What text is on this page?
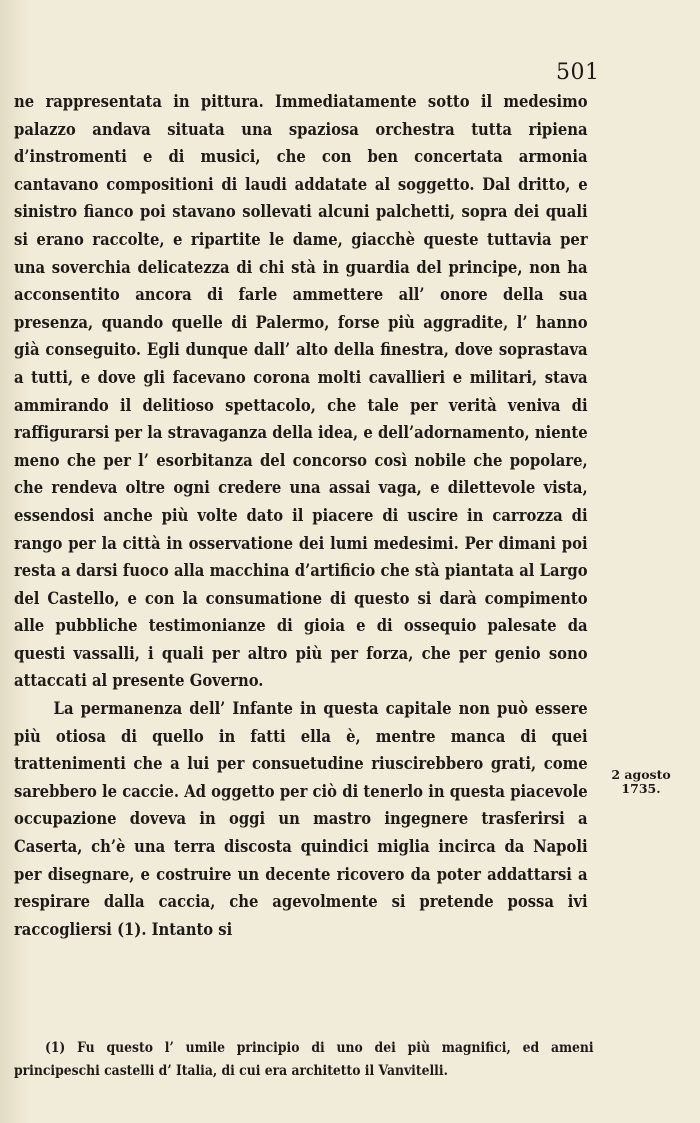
501

ne rappresentata in pittura. Immediatamente sotto il medesimo palazzo andava situata una spaziosa orchestra tutta ripiena d’instromenti e di musici, che con ben concertata armonia cantavano compositioni di laudi addatate al soggetto. Dal dritto, e sinistro fianco poi stavano sollevati alcuni palchetti, sopra dei quali si erano raccolte, e ripartite le dame, giacchè queste tuttavia per una soverchia delicatezza di chi stà in guardia del principe, non ha acconsentito ancora di farle ammettere all’ onore della sua presenza, quando quelle di Palermo, forse più aggradite, l’ hanno già conseguito. Egli dunque dall’ alto della finestra, dove soprastava a tutti, e dove gli facevano corona molti cavallieri e militari, stava ammirando il delitioso spettacolo, che tale per verità veniva di raffigurarsi per la stravaganza della idea, e dell’adornamento, niente meno che per l’ esorbitanza del concorso così nobile che popolare, che rendeva oltre ogni credere una assai vaga, e dilettevole vista, essendosi anche più volte dato il piacere di uscire in carrozza di rango per la città in osservatione dei lumi medesimi. Per dimani poi resta a darsi fuoco alla macchina d’artificio che stà piantata al Largo del Castello, e con la consumatione di questo si darà compimento alle pubbliche testimonianze di gioia e di ossequio palesate da questi vassalli, i quali per altro più per forza, che per genio sono attaccati al presente Governo.

La permanenza dell’ Infante in questa capitale non può essere più otiosa di quello in fatti ella è, mentre manca di quei trattenimenti che a lui per consuetudine riuscirebbero grati, come sarebbero le caccie. Ad oggetto per ciò di tenerlo in questa piacevole occupazione doveva in oggi un mastro ingegnere trasferirsi a Caserta, ch’è una terra discosta quindici miglia incirca da Napoli per disegnare, e costruire un decente ricovero da poter addattarsi a respirare dalla caccia, che agevolmente si pretende possa ivi raccogliersi (1). Intanto si

2 agosto
1735.

(1) Fu questo l’ umile principio di uno dei più magnifici, ed ameni principeschi castelli d’ Italia, di cui era architetto il Vanvitelli.
